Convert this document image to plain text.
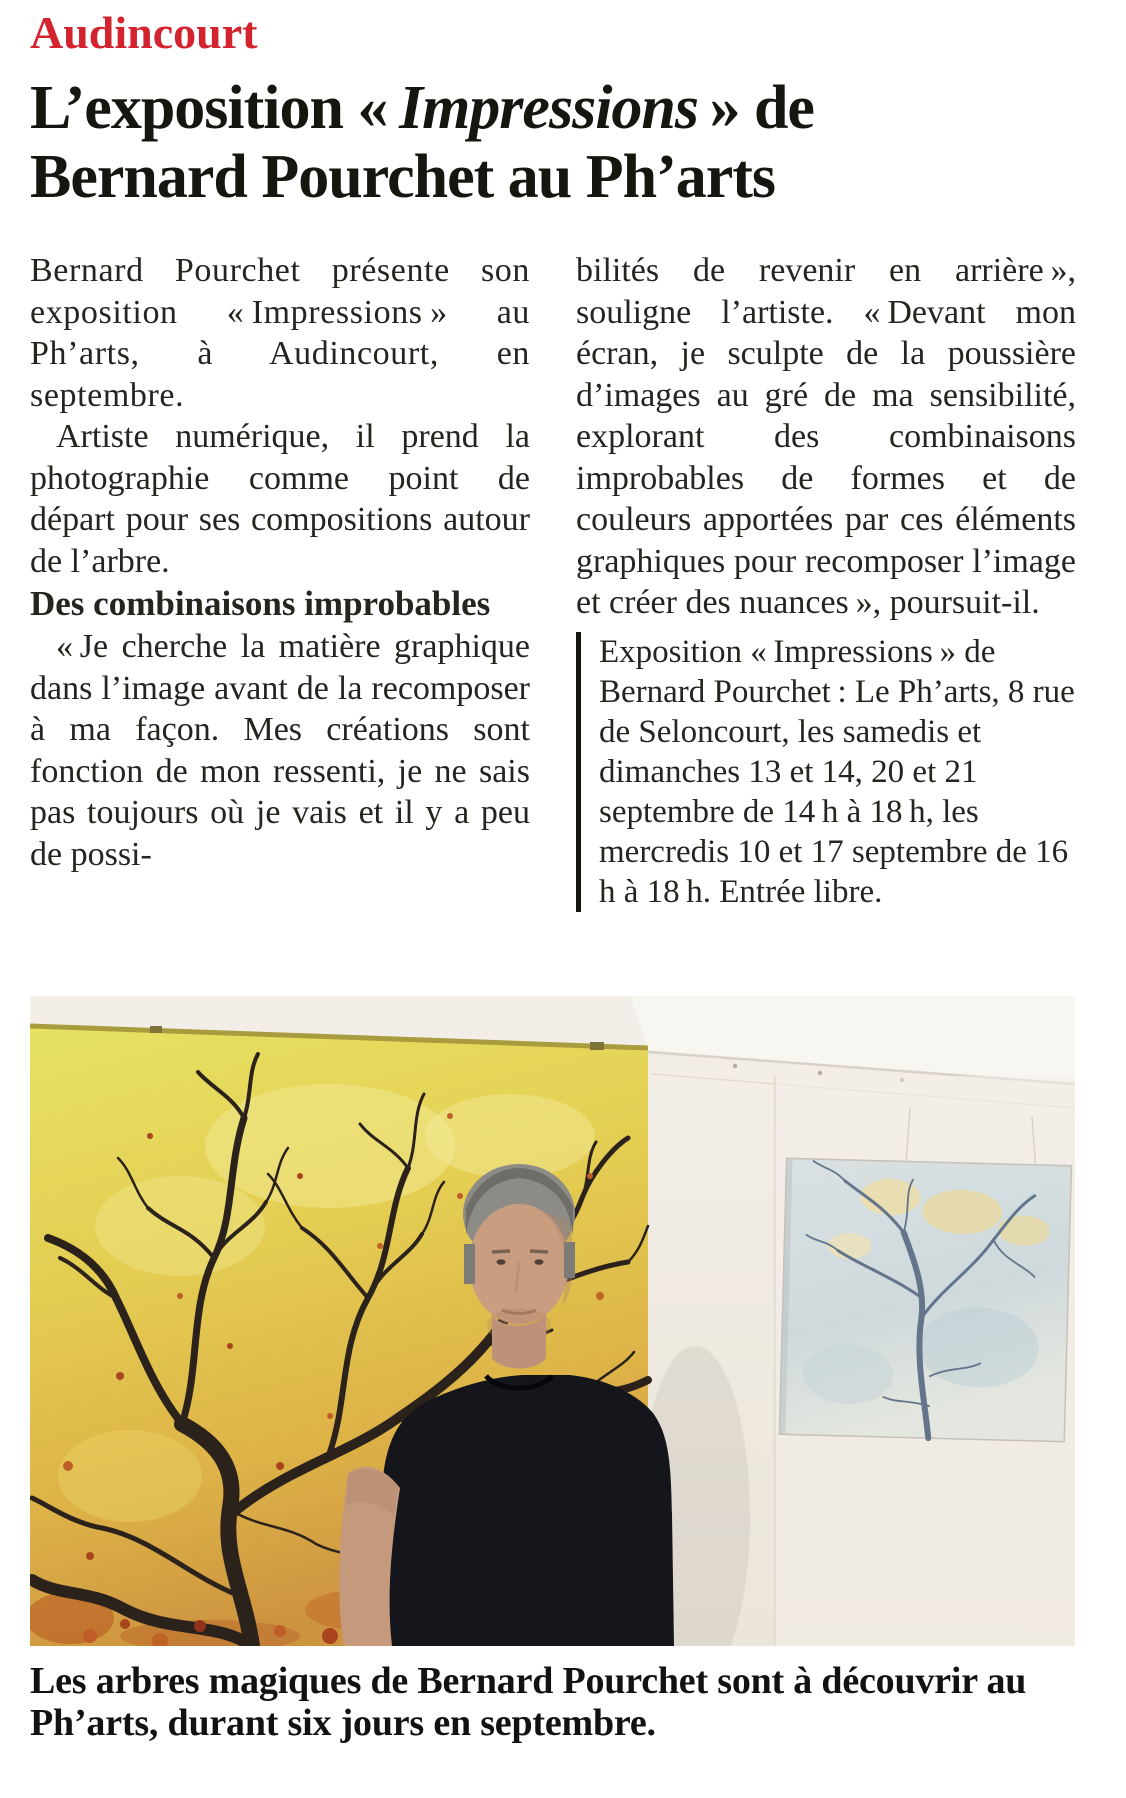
Audincourt
L’exposition « Impressions » de
Bernard Pourchet au Ph’arts

Bernard Pourchet présente son exposition « Impressions » au Ph’arts, à Audincourt, en septembre.

Artiste numérique, il prend la photographie comme point de départ pour ses compositions autour de l’arbre.

Des combinaisons improbables

« Je cherche la matière graphique dans l’image avant de la recomposer à ma façon. Mes créations sont fonction de mon ressenti, je ne sais pas toujours où je vais et il y a peu de possi-

bilités de revenir en arrière », souligne l’artiste. « Devant mon écran, je sculpte de la poussière d’images au gré de ma sensibilité, explorant des combinaisons improbables de formes et de couleurs apportées par ces éléments graphiques pour recomposer l’image et créer des nuances », poursuit-il.

Exposition « Impressions » de Bernard Pourchet : Le Ph’arts, 8 rue de Seloncourt, les samedis et dimanches 13 et 14, 20 et 21 septembre de 14 h à 18 h, les mercredis 10 et 17 septembre de 16 h à 18 h. Entrée libre.
Les arbres magiques de Bernard Pourchet sont à découvrir au Ph’arts, durant six jours en septembre.
